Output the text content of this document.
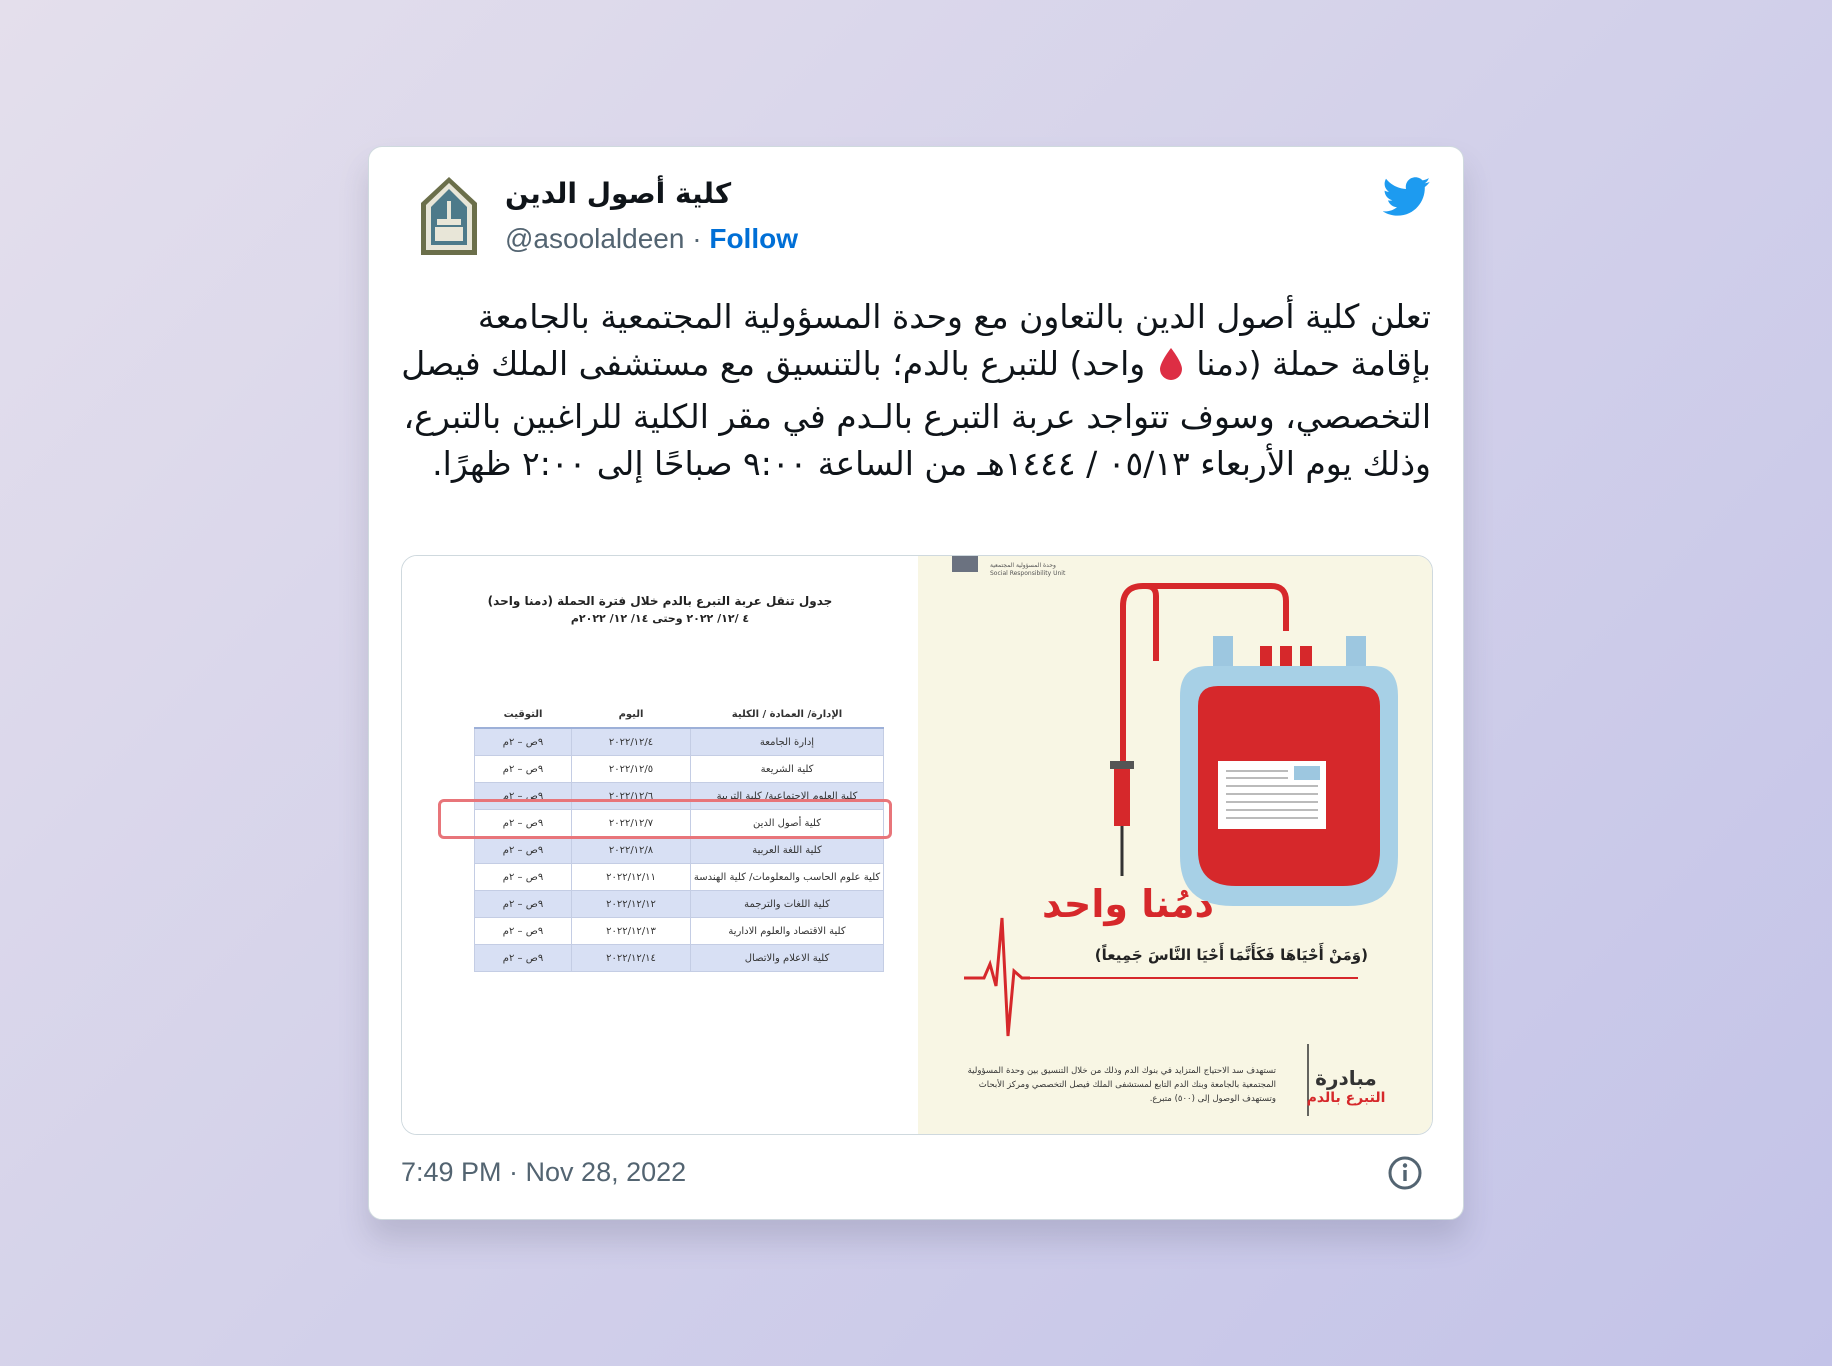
كلية أصول الدين
@asoolaldeen · Follow
تعلن كلية أصول الدين بالتعاون مع وحدة المسؤولية المجتمعية بالجامعة بإقامة حملة (دمنا  واحد) للتبرع بالدم؛ بالتنسيق مع مستشفى الملك فيصل التخصصي، وسوف تتواجد عربة التبرع بالـدم في مقر الكلية للراغبين بالتبرع، وذلك يوم الأربعاء ٠٥/١٣ / ١٤٤٤هـ من الساعة ٩:٠٠ صباحًا إلى ٢:٠٠ ظهرًا.
جدول تنقل عربة التبرع بالدم خلال فترة الحملة (دمنا واحد)
٤ /١٢/ ٢٠٢٢ وحتى ١٤/ ١٢/ ٢٠٢٢م
الإدارة/ العمادة / الكلية	اليوم	التوقيت
إدارة الجامعة	٢٠٢٢/١٢/٤	٩ص – ٢م
كلية الشريعة	٢٠٢٢/١٢/٥	٩ص – ٢م
كلية العلوم الاجتماعية/ كلية التربية	٢٠٢٢/١٢/٦	٩ص – ٢م
كلية أصول الدين	٢٠٢٢/١٢/٧	٩ص – ٢م
كلية اللغة العربية	٢٠٢٢/١٢/٨	٩ص – ٢م
كلية علوم الحاسب والمعلومات/ كلية الهندسة	٢٠٢٢/١٢/١١	٩ص – ٢م
كلية اللغات والترجمة	٢٠٢٢/١٢/١٢	٩ص – ٢م
كلية الاقتصاد والعلوم الادارية	٢٠٢٢/١٢/١٣	٩ص – ٢م
كلية الاعلام والاتصال	٢٠٢٢/١٢/١٤	٩ص – ٢م
وحدة المسؤولية المجتمعية
Social Responsibility Unit
دمُنا واحد
(وَمَنْ أَحْيَاهَا فَكَأَنَّمَا أَحْيَا النَّاسَ جَمِيعاً)
تستهدف سد الاحتياج المتزايد في بنوك الدم وذلك من خلال التنسيق بين وحدة المسؤولية المجتمعية بالجامعة وبنك الدم التابع لمستشفى الملك فيصل التخصصي ومركز الأبحاث وتستهدف الوصول إلى (٥٠٠) متبرع.
مبادرة
التبرع بالدم
7:49 PM · Nov 28, 2022
